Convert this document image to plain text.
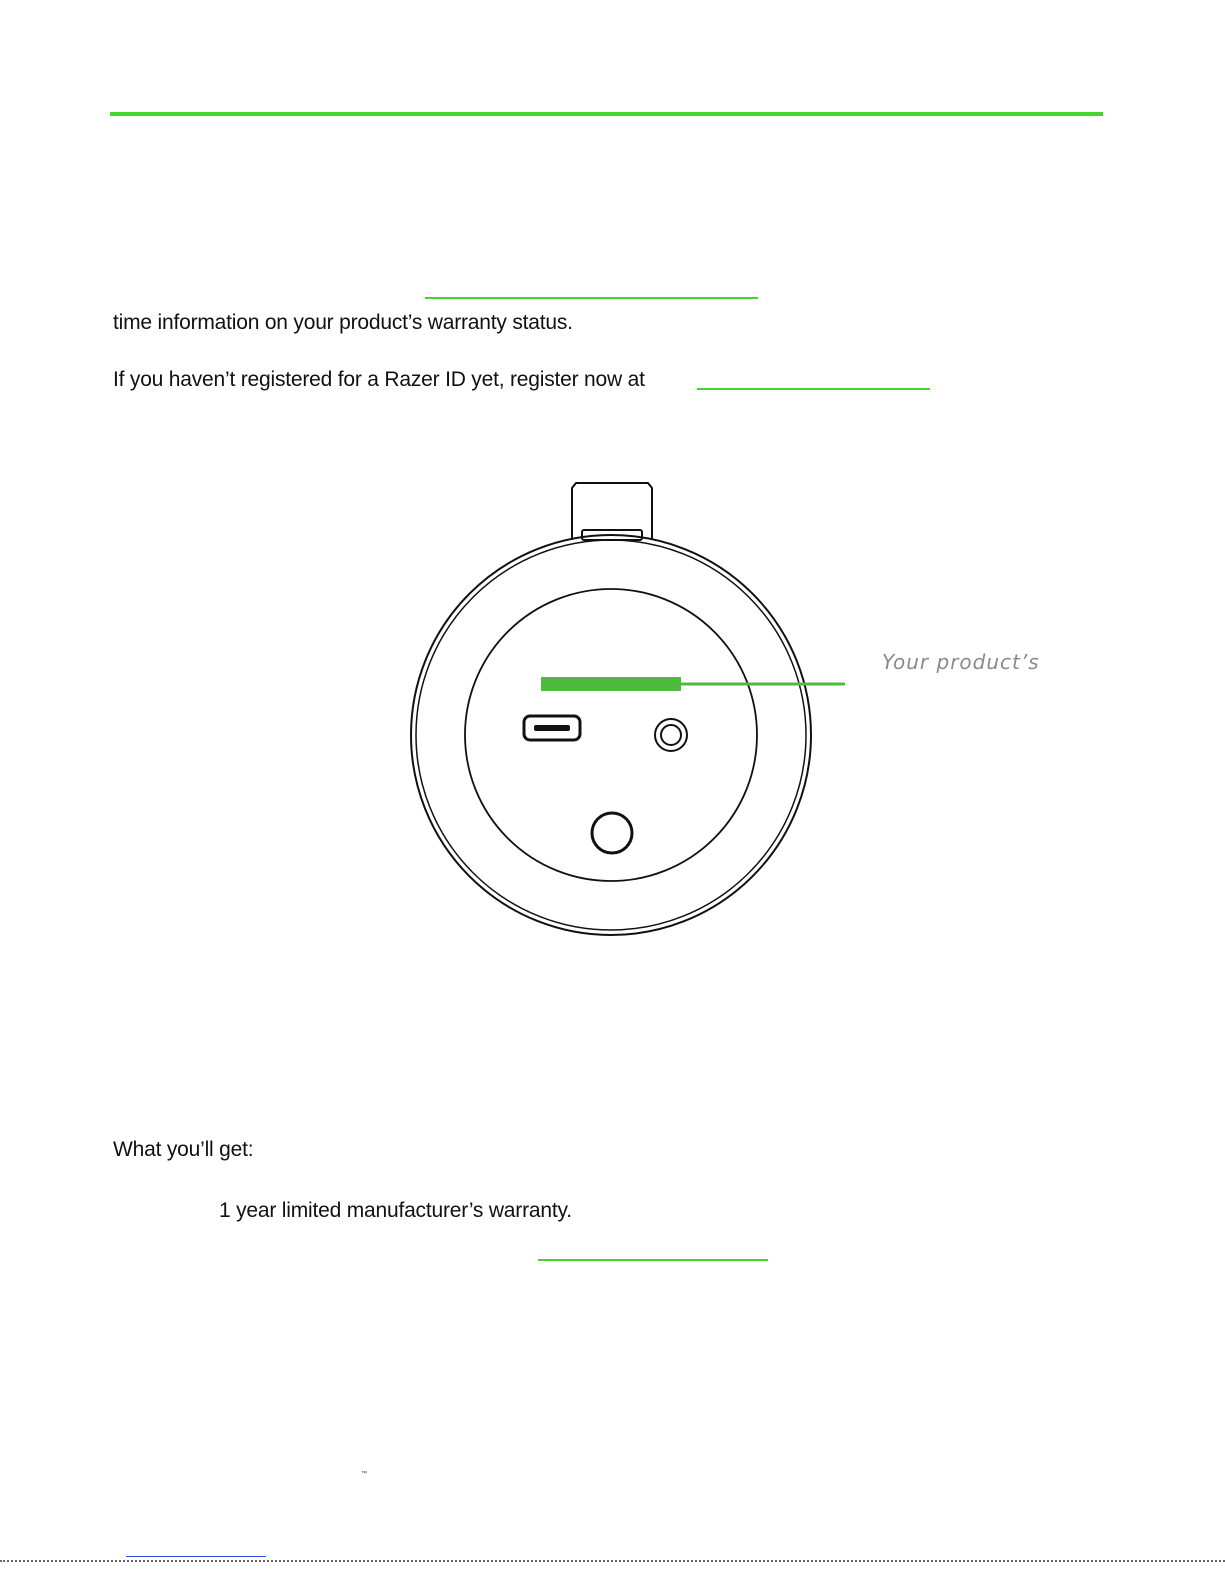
time information on your product’s warranty status.
If you haven’t registered for a Razer ID yet, register now at
Your product’s
What you’ll get:
1 year limited manufacturer’s warranty.
™
